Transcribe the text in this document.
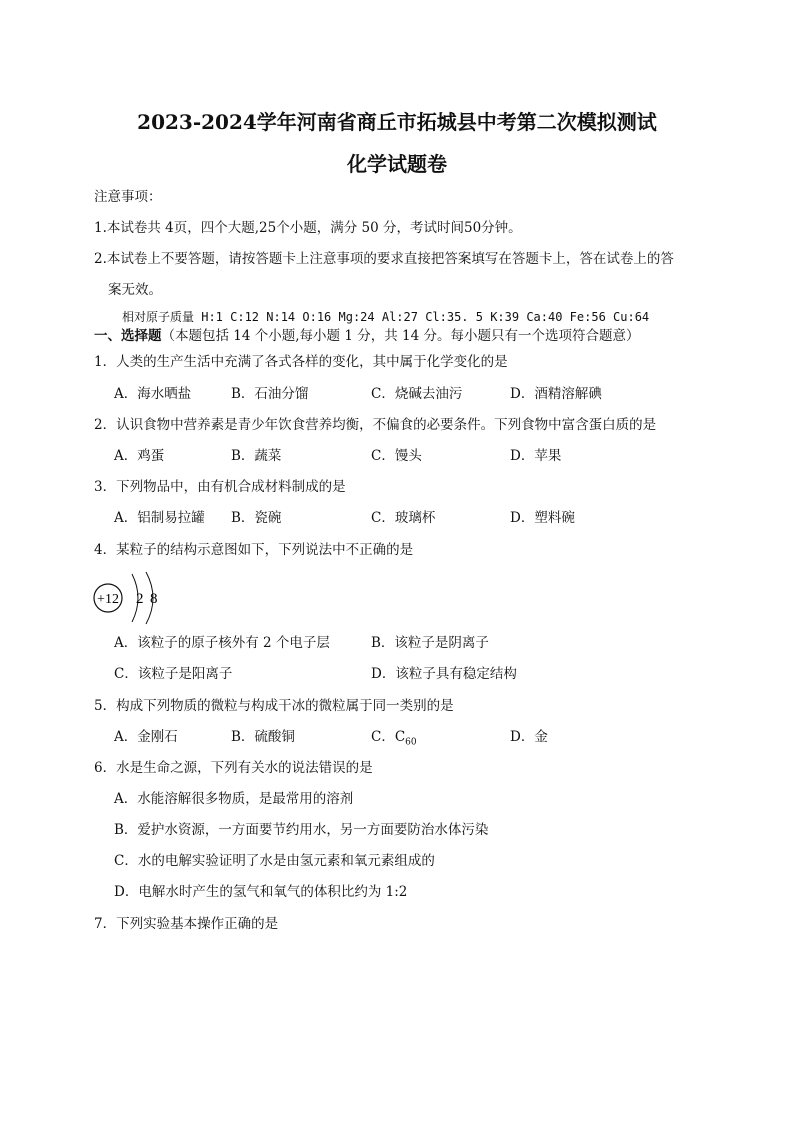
2023-2024学年河南省商丘市拓城县中考第二次模拟测试
化学试题卷
注意事项：
1.本试卷共 4页，四个大题,25个小题，满分 50 分，考试时间50分钟。
2.本试卷上不要答题，请按答题卡上注意事项的要求直接把答案填写在答题卡上，答在试卷上的答
案无效。
相对原子质量 H:1 C:12 N:14 O:16 Mg:24 Al:27 Cl:35. 5 K:39 Ca:40 Fe:56 Cu:64
一、选择题（本题包括 14 个小题,每小题 1 分，共 14 分。每小题只有一个选项符合题意）
1．人类的生产生活中充满了各式各样的变化，其中属于化学变化的是
A．海水晒盐	B．石油分馏	C．烧碱去油污	D．酒精溶解碘
2．认识食物中营养素是青少年饮食营养均衡，不偏食的必要条件。下列食物中富含蛋白质的是
A．鸡蛋	B．蔬菜	C．馒头	D．苹果
3．下列物品中，由有机合成材料制成的是
A．铝制易拉罐 B．瓷碗	C．玻璃杯	D．塑料碗
4．某粒子的结构示意图如下，下列说法中不正确的是
+12 2 8
A．该粒子的原子核外有 2 个电子层	B．该粒子是阴离子
C．该粒子是阳离子	D．该粒子具有稳定结构
5．构成下列物质的微粒与构成干冰的微粒属于同一类别的是
A．金刚石	B．硫酸铜	C．$C_{60}$	D．金
6．水是生命之源，下列有关水的说法错误的是
A．水能溶解很多物质，是最常用的溶剂
B．爱护水资源，一方面要节约用水，另一方面要防治水体污染
C．水的电解实验证明了水是由氢元素和氧元素组成的
D．电解水时产生的氢气和氧气的体积比约为 1:2
7．下列实验基本操作正确的是
